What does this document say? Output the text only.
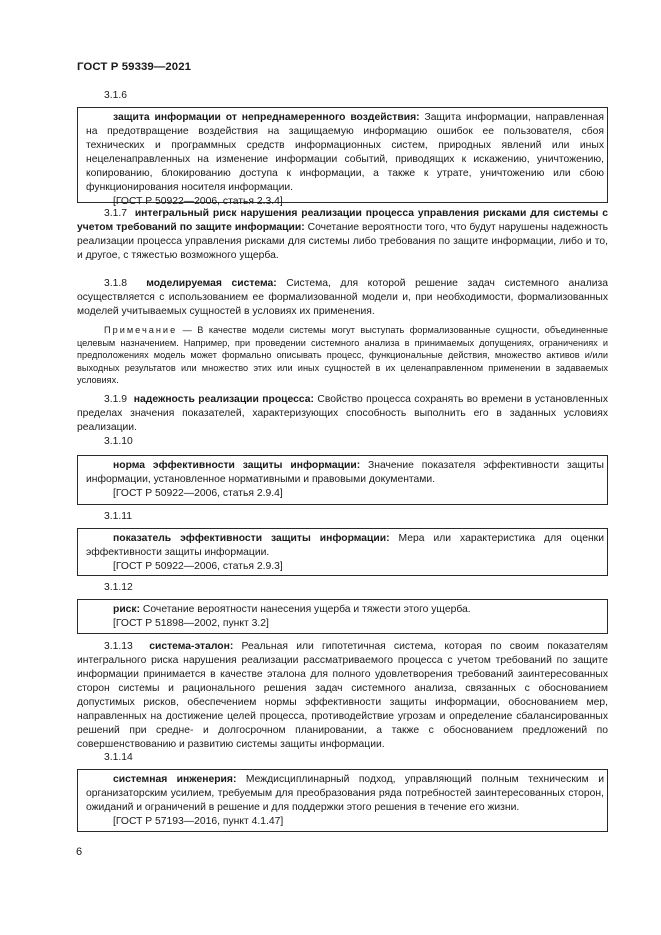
ГОСТ Р 59339—2021
3.1.6

защита информации от непреднамеренного воздействия: Защита информации, направленная на предотвращение воздействия на защищаемую информацию ошибок ее пользователя, сбоя технических и программных средств информационных систем, природных явлений или иных нецеленаправленных на изменение информации событий, приводящих к искажению, уничтожению, копированию, блокированию доступа к информации, а также к утрате, уничтожению или сбою функционирования носителя информации.

[ГОСТ Р 50922—2006, статья 2.3.4]

3.1.7 интегральный риск нарушения реализации процесса управления рисками для системы с учетом требований по защите информации: Сочетание вероятности того, что будут нарушены надежность реализации процесса управления рисками для системы либо требования по защите информации, либо и то, и другое, с тяжестью возможного ущерба.

3.1.8 моделируемая система: Система, для которой решение задач системного анализа осуществляется с использованием ее формализованной модели и, при необходимости, формализованных моделей учитываемых сущностей в условиях их применения.

Примечание — В качестве модели системы могут выступать формализованные сущности, объединенные целевым назначением. Например, при проведении системного анализа в принимаемых допущениях, ограничениях и предположениях модель может формально описывать процесс, функциональные действия, множество активов и/или выходных результатов или множество этих или иных сущностей в их целенаправленном применении в задаваемых условиях.

3.1.9 надежность реализации процесса: Свойство процесса сохранять во времени в установленных пределах значения показателей, характеризующих способность выполнить его в заданных условиях реализации.

3.1.10

норма эффективности защиты информации: Значение показателя эффективности защиты информации, установленное нормативными и правовыми документами.

[ГОСТ Р 50922—2006, статья 2.9.4]

3.1.11

показатель эффективности защиты информации: Мера или характеристика для оценки эффективности защиты информации.

[ГОСТ Р 50922—2006, статья 2.9.3]

3.1.12

риск: Сочетание вероятности нанесения ущерба и тяжести этого ущерба.

[ГОСТ Р 51898—2002, пункт 3.2]

3.1.13 система-эталон: Реальная или гипотетичная система, которая по своим показателям интегрального риска нарушения реализации рассматриваемого процесса с учетом требований по защите информации принимается в качестве эталона для полного удовлетворения требований заинтересованных сторон системы и рационального решения задач системного анализа, связанных с обоснованием допустимых рисков, обеспечением нормы эффективности защиты информации, обоснованием мер, направленных на достижение целей процесса, противодействие угрозам и определение сбалансированных решений при средне- и долгосрочном планировании, а также с обоснованием предложений по совершенствованию и развитию системы защиты информации.

3.1.14

системная инженерия: Междисциплинарный подход, управляющий полным техническим и организаторским усилием, требуемым для преобразования ряда потребностей заинтересованных сторон, ожиданий и ограничений в решение и для поддержки этого решения в течение его жизни.

[ГОСТ Р 57193—2016, пункт 4.1.47]

6
